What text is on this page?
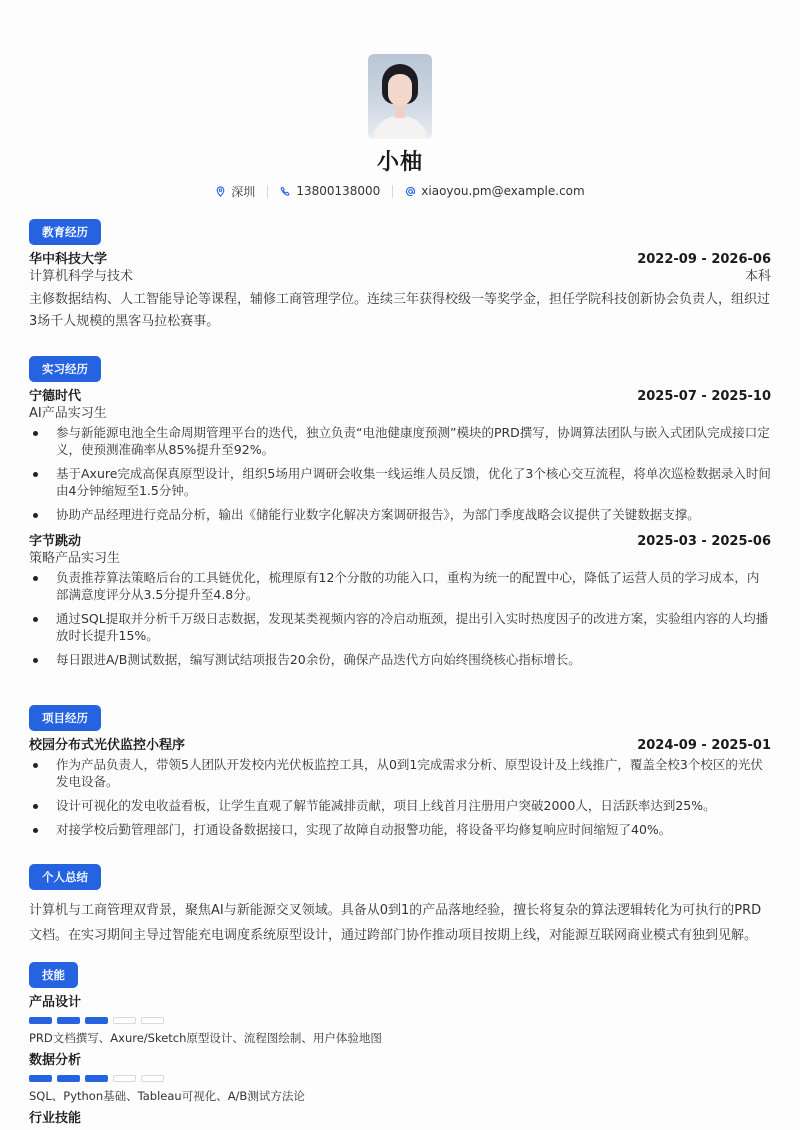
小柚
深圳	13800138000	xiaoyou.pm@example.com
教育经历
华中科技大学	2022-09 - 2026-06
计算机科学与技术	本科
主修数据结构、人工智能导论等课程，辅修工商管理学位。连续三年获得校级一等奖学金，担任学院科技创新协会负责人，组织过3场千人规模的黑客马拉松赛事。
实习经历
宁德时代	2025-07 - 2025-10
AI产品实习生
参与新能源电池全生命周期管理平台的迭代，独立负责“电池健康度预测”模块的PRD撰写，协调算法团队与嵌入式团队完成接口定义，使预测准确率从85%提升至92%。
基于Axure完成高保真原型设计，组织5场用户调研会收集一线运维人员反馈，优化了3个核心交互流程，将单次巡检数据录入时间由4分钟缩短至1.5分钟。
协助产品经理进行竞品分析，输出《储能行业数字化解决方案调研报告》，为部门季度战略会议提供了关键数据支撑。
字节跳动	2025-03 - 2025-06
策略产品实习生
负责推荐算法策略后台的工具链优化，梳理原有12个分散的功能入口，重构为统一的配置中心，降低了运营人员的学习成本，内部满意度评分从3.5分提升至4.8分。
通过SQL提取并分析千万级日志数据，发现某类视频内容的冷启动瓶颈，提出引入实时热度因子的改进方案，实验组内容的人均播放时长提升15%。
每日跟进A/B测试数据，编写测试结项报告20余份，确保产品迭代方向始终围绕核心指标增长。
项目经历
校园分布式光伏监控小程序	2024-09 - 2025-01
作为产品负责人，带领5人团队开发校内光伏板监控工具，从0到1完成需求分析、原型设计及上线推广，覆盖全校3个校区的光伏发电设备。
设计可视化的发电收益看板，让学生直观了解节能减排贡献，项目上线首月注册用户突破2000人，日活跃率达到25%。
对接学校后勤管理部门，打通设备数据接口，实现了故障自动报警功能，将设备平均修复响应时间缩短了40%。
个人总结
计算机与工商管理双背景，聚焦AI与新能源交叉领域。具备从0到1的产品落地经验，擅长将复杂的算法逻辑转化为可执行的PRD文档。在实习期间主导过智能充电调度系统原型设计，通过跨部门协作推动项目按期上线，对能源互联网商业模式有独到见解。
技能
产品设计
PRD文档撰写、Axure/Sketch原型设计、流程图绘制、用户体验地图
数据分析
SQL、Python基础、Tableau可视化、A/B测试方法论
行业技能
